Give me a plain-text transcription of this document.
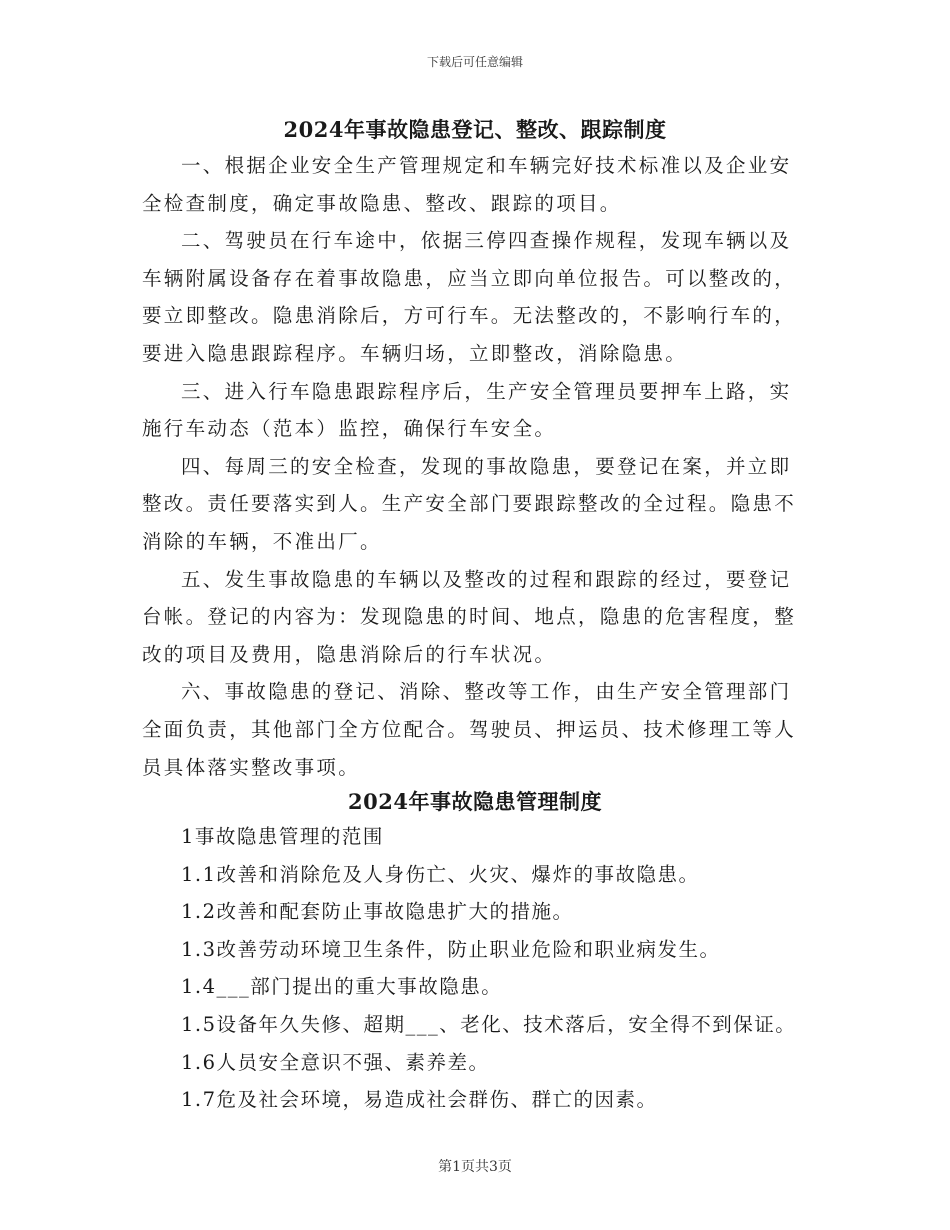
下载后可任意编辑
2024年事故隐患登记、整改、跟踪制度

一、根据企业安全生产管理规定和车辆完好技术标准以及企业安全检查制度，确定事故隐患、整改、跟踪的项目。

二、驾驶员在行车途中，依据三停四查操作规程，发现车辆以及车辆附属设备存在着事故隐患，应当立即向单位报告。可以整改的，要立即整改。隐患消除后，方可行车。无法整改的，不影响行车的，要进入隐患跟踪程序。车辆归场，立即整改，消除隐患。

三、进入行车隐患跟踪程序后，生产安全管理员要押车上路，实施行车动态（范本）监控，确保行车安全。

四、每周三的安全检查，发现的事故隐患，要登记在案，并立即整改。责任要落实到人。生产安全部门要跟踪整改的全过程。隐患不消除的车辆，不准出厂。

五、发生事故隐患的车辆以及整改的过程和跟踪的经过，要登记台帐。登记的内容为：发现隐患的时间、地点，隐患的危害程度，整改的项目及费用，隐患消除后的行车状况。

六、事故隐患的登记、消除、整改等工作，由生产安全管理部门全面负责，其他部门全方位配合。驾驶员、押运员、技术修理工等人员具体落实整改事项。

2024年事故隐患管理制度

1事故隐患管理的范围

1.1改善和消除危及人身伤亡、火灾、爆炸的事故隐患。

1.2改善和配套防止事故隐患扩大的措施。

1.3改善劳动环境卫生条件，防止职业危险和职业病发生。

1.4___部门提出的重大事故隐患。

1.5设备年久失修、超期___、老化、技术落后，安全得不到保证。

1.6人员安全意识不强、素养差。

1.7危及社会环境，易造成社会群伤、群亡的因素。

第1页共3页
